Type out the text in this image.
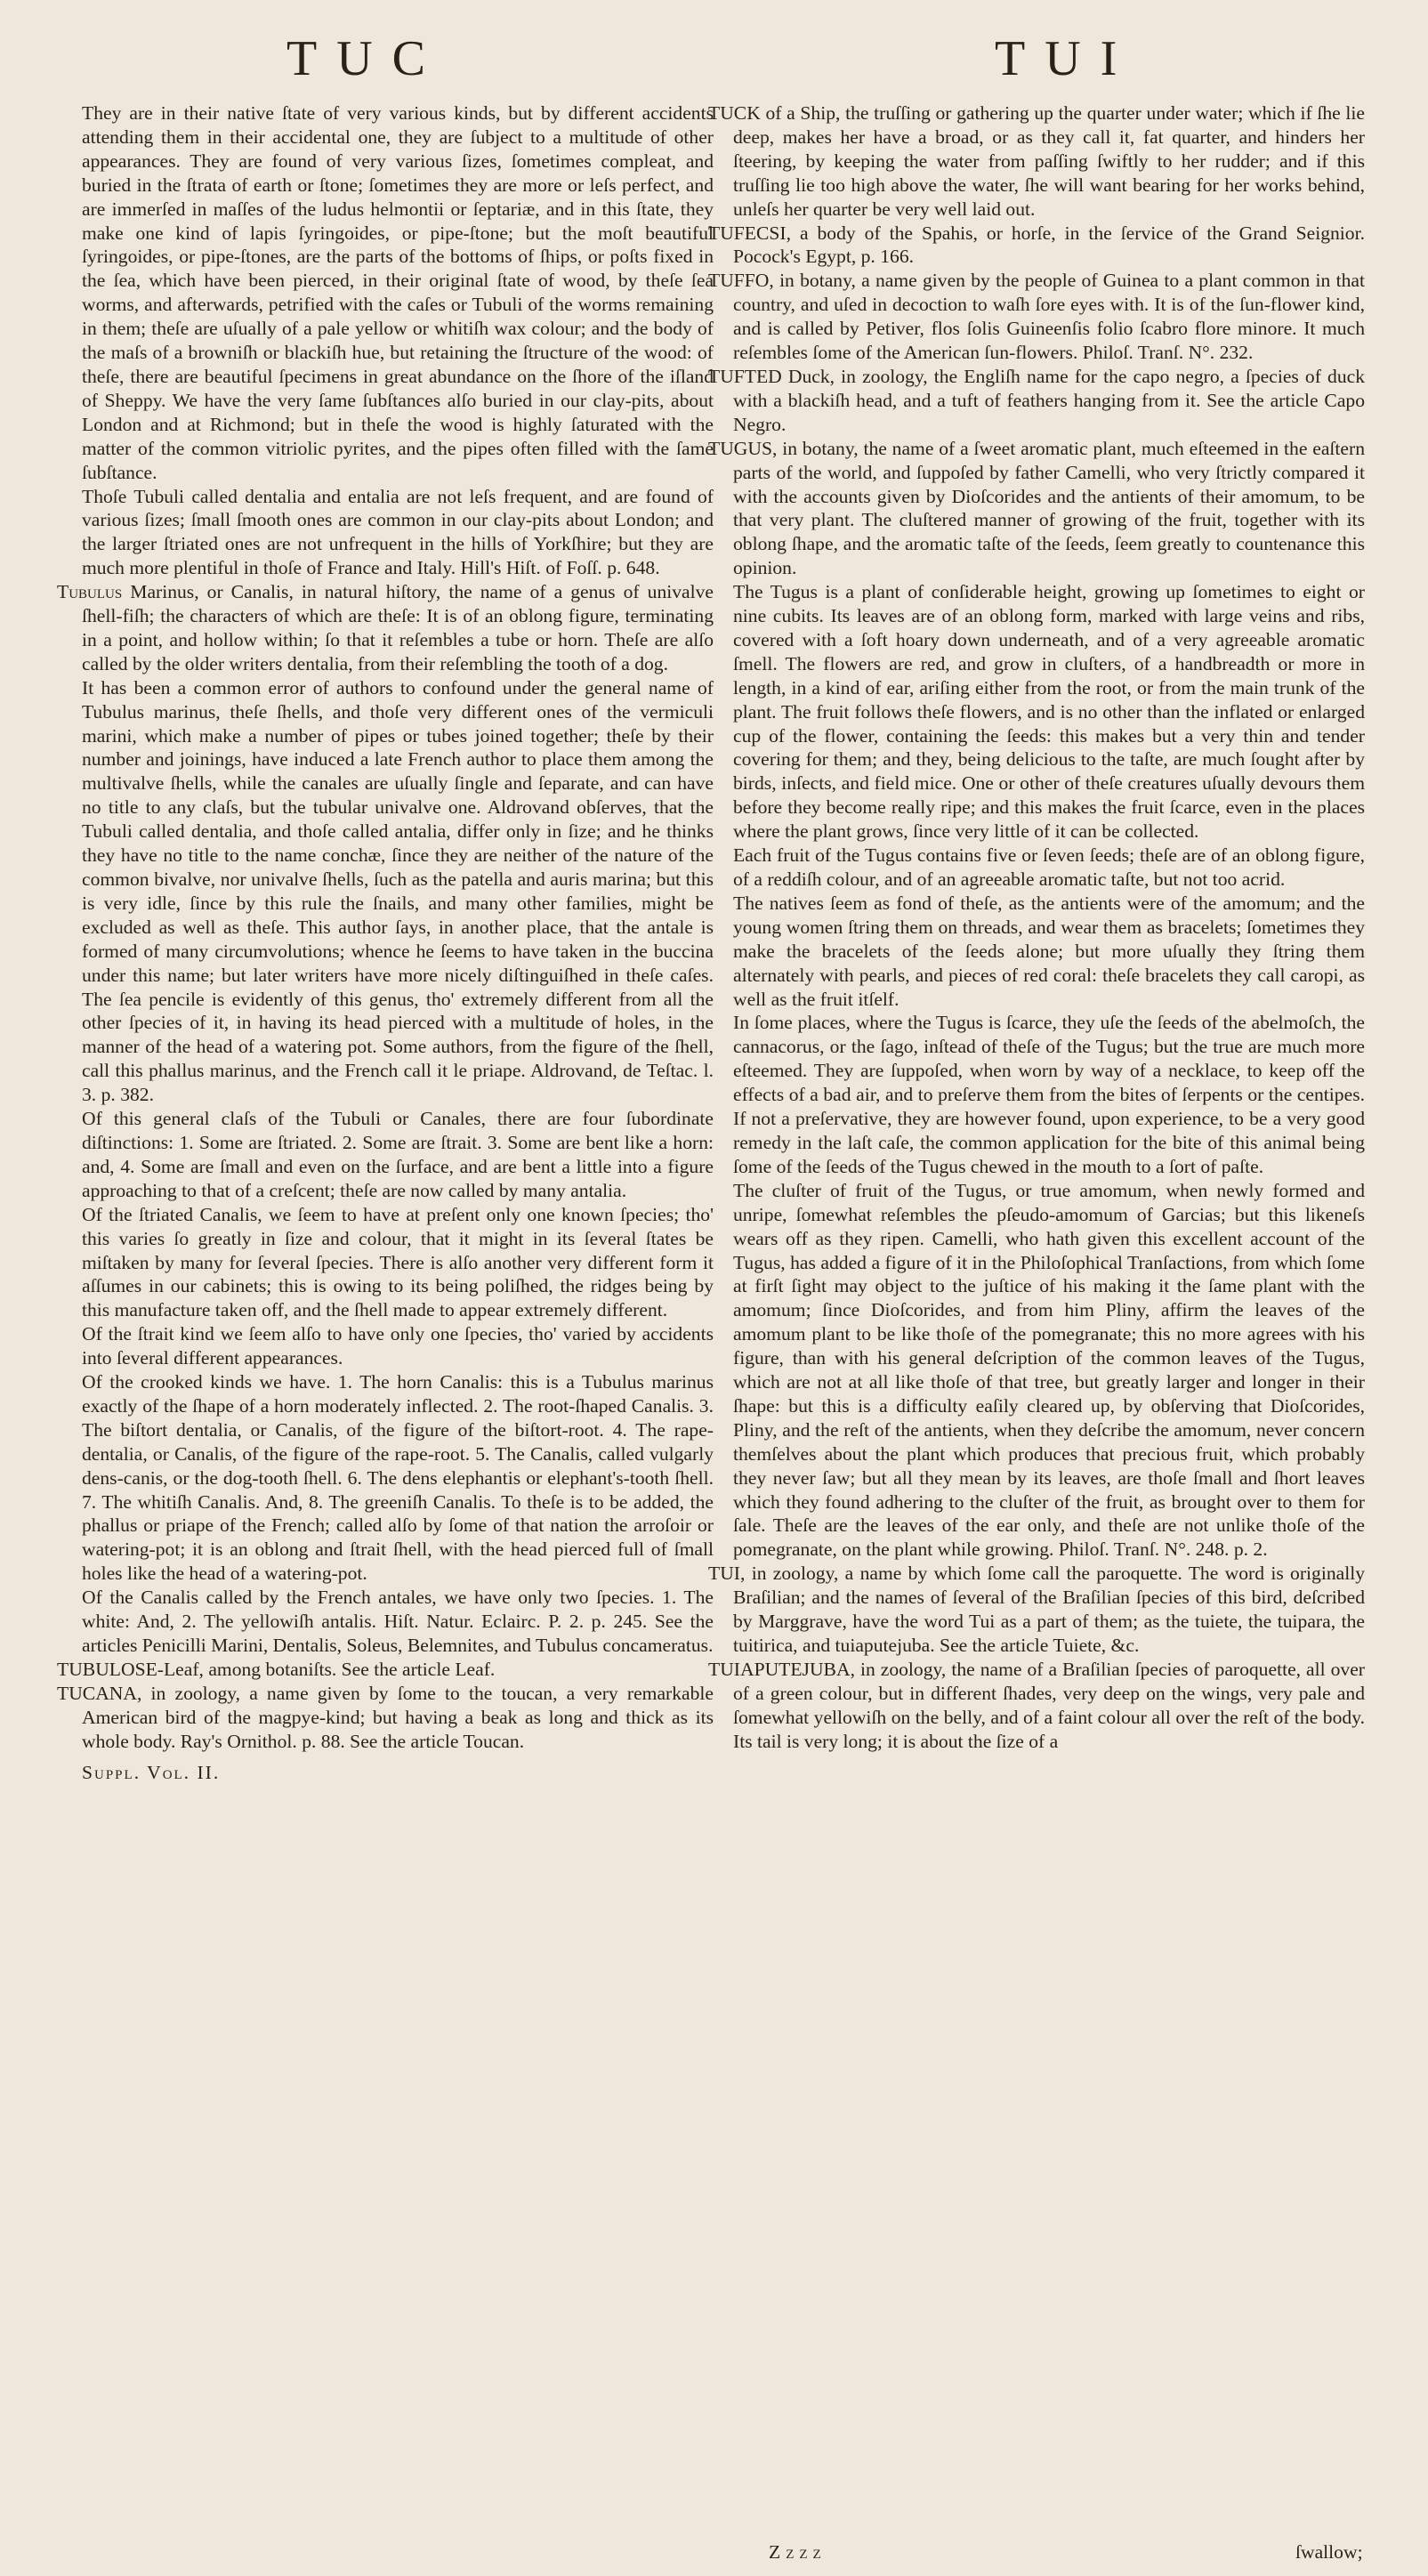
TUC	TUI

They are in their native ſtate of very various kinds, but by different accidents attending them in their accidental one, they are ſubject to a multitude of other appearances. They are found of very various ſizes, ſometimes compleat, and buried in the ſtrata of earth or ſtone; ſometimes they are more or leſs perfect, and are immerſed in maſſes of the ludus helmontii or ſeptariæ, and in this ſtate, they make one kind of lapis ſyringoides, or pipe-ſtone; but the moſt beautiful ſyringoides, or pipe-ſtones, are the parts of the bottoms of ſhips, or poſts fixed in the ſea, which have been pierced, in their original ſtate of wood, by theſe ſea worms, and afterwards, petrified with the caſes or Tubuli of the worms remaining in them; theſe are uſually of a pale yellow or whitiſh wax colour; and the body of the maſs of a browniſh or blackiſh hue, but retaining the ſtructure of the wood: of theſe, there are beautiful ſpecimens in great abundance on the ſhore of the iſland of Sheppy. We have the very ſame ſubſtances alſo buried in our clay-pits, about London and at Richmond; but in theſe the wood is highly ſaturated with the matter of the common vitriolic pyrites, and the pipes often filled with the ſame ſubſtance.

Thoſe Tubuli called dentalia and entalia are not leſs frequent, and are found of various ſizes; ſmall ſmooth ones are common in our clay-pits about London; and the larger ſtriated ones are not unfrequent in the hills of Yorkſhire; but they are much more plentiful in thoſe of France and Italy. Hill's Hiſt. of Foſſ. p. 648.

Tubulus Marinus, or Canalis, in natural hiſtory, the name of a genus of univalve ſhell-fiſh; the characters of which are theſe: It is of an oblong figure, terminating in a point, and hollow within; ſo that it reſembles a tube or horn. Theſe are alſo called by the older writers dentalia, from their reſembling the tooth of a dog.

It has been a common error of authors to confound under the general name of Tubulus marinus, theſe ſhells, and thoſe very different ones of the vermiculi marini, which make a number of pipes or tubes joined together; theſe by their number and joinings, have induced a late French author to place them among the multivalve ſhells, while the canales are uſually ſingle and ſeparate, and can have no title to any claſs, but the tubular univalve one. Aldrovand obſerves, that the Tubuli called dentalia, and thoſe called antalia, differ only in ſize; and he thinks they have no title to the name conchæ, ſince they are neither of the nature of the common bivalve, nor univalve ſhells, ſuch as the patella and auris marina; but this is very idle, ſince by this rule the ſnails, and many other families, might be excluded as well as theſe. This author ſays, in another place, that the antale is formed of many circumvolutions; whence he ſeems to have taken in the buccina under this name; but later writers have more nicely diſtinguiſhed in theſe caſes. The ſea pencile is evidently of this genus, tho' extremely different from all the other ſpecies of it, in having its head pierced with a multitude of holes, in the manner of the head of a watering pot. Some authors, from the figure of the ſhell, call this phallus marinus, and the French call it le priape. Aldrovand, de Teſtac. l. 3. p. 382.

Of this general claſs of the Tubuli or Canales, there are four ſubordinate diſtinctions: 1. Some are ſtriated. 2. Some are ſtrait. 3. Some are bent like a horn: and, 4. Some are ſmall and even on the ſurface, and are bent a little into a figure approaching to that of a creſcent; theſe are now called by many antalia.

Of the ſtriated Canalis, we ſeem to have at preſent only one known ſpecies; tho' this varies ſo greatly in ſize and colour, that it might in its ſeveral ſtates be miſtaken by many for ſeveral ſpecies. There is alſo another very different form it aſſumes in our cabinets; this is owing to its being poliſhed, the ridges being by this manufacture taken off, and the ſhell made to appear extremely different.

Of the ſtrait kind we ſeem alſo to have only one ſpecies, tho' varied by accidents into ſeveral different appearances.

Of the crooked kinds we have. 1. The horn Canalis: this is a Tubulus marinus exactly of the ſhape of a horn moderately inflected. 2. The root-ſhaped Canalis. 3. The biſtort dentalia, or Canalis, of the figure of the biſtort-root. 4. The rape-dentalia, or Canalis, of the figure of the rape-root. 5. The Canalis, called vulgarly dens-canis, or the dog-tooth ſhell. 6. The dens elephantis or elephant's-tooth ſhell. 7. The whitiſh Canalis. And, 8. The greeniſh Canalis. To theſe is to be added, the phallus or priape of the French; called alſo by ſome of that nation the arroſoir or watering-pot; it is an oblong and ſtrait ſhell, with the head pierced full of ſmall holes like the head of a watering-pot.

Of the Canalis called by the French antales, we have only two ſpecies. 1. The white: And, 2. The yellowiſh antalis. Hiſt. Natur. Eclairc. P. 2. p. 245. See the articles Penicilli Marini, Dentalis, Soleus, Belemnites, and Tubulus concameratus.

TUBULOSE-Leaf, among botaniſts. See the article Leaf.

TUCANA, in zoology, a name given by ſome to the toucan, a very remarkable American bird of the magpye-kind; but having a beak as long and thick as its whole body. Ray's Ornithol. p. 88. See the article Toucan.

Suppl. Vol. II.

TUCK of a Ship, the truſſing or gathering up the quarter under water; which if ſhe lie deep, makes her have a broad, or as they call it, fat quarter, and hinders her ſteering, by keeping the water from paſſing ſwiftly to her rudder; and if this truſſing lie too high above the water, ſhe will want bearing for her works behind, unleſs her quarter be very well laid out.

TUFECSI, a body of the Spahis, or horſe, in the ſervice of the Grand Seignior. Pocock's Egypt, p. 166.

TUFFO, in botany, a name given by the people of Guinea to a plant common in that country, and uſed in decoction to waſh ſore eyes with. It is of the ſun-flower kind, and is called by Petiver, flos ſolis Guineenſis folio ſcabro flore minore. It much reſembles ſome of the American ſun-flowers. Philoſ. Tranſ. N°. 232.

TUFTED Duck, in zoology, the Engliſh name for the capo negro, a ſpecies of duck with a blackiſh head, and a tuft of feathers hanging from it. See the article Capo Negro.

TUGUS, in botany, the name of a ſweet aromatic plant, much eſteemed in the eaſtern parts of the world, and ſuppoſed by father Camelli, who very ſtrictly compared it with the accounts given by Dioſcorides and the antients of their amomum, to be that very plant. The cluſtered manner of growing of the fruit, together with its oblong ſhape, and the aromatic taſte of the ſeeds, ſeem greatly to countenance this opinion.

The Tugus is a plant of conſiderable height, growing up ſometimes to eight or nine cubits. Its leaves are of an oblong form, marked with large veins and ribs, covered with a ſoft hoary down underneath, and of a very agreeable aromatic ſmell. The flowers are red, and grow in cluſters, of a handbreadth or more in length, in a kind of ear, ariſing either from the root, or from the main trunk of the plant. The fruit follows theſe flowers, and is no other than the inflated or enlarged cup of the flower, containing the ſeeds: this makes but a very thin and tender covering for them; and they, being delicious to the taſte, are much ſought after by birds, inſects, and field mice. One or other of theſe creatures uſually devours them before they become really ripe; and this makes the fruit ſcarce, even in the places where the plant grows, ſince very little of it can be collected.

Each fruit of the Tugus contains five or ſeven ſeeds; theſe are of an oblong figure, of a reddiſh colour, and of an agreeable aromatic taſte, but not too acrid.

The natives ſeem as fond of theſe, as the antients were of the amomum; and the young women ſtring them on threads, and wear them as bracelets; ſometimes they make the bracelets of the ſeeds alone; but more uſually they ſtring them alternately with pearls, and pieces of red coral: theſe bracelets they call caropi, as well as the fruit itſelf.

In ſome places, where the Tugus is ſcarce, they uſe the ſeeds of the abelmoſch, the cannacorus, or the ſago, inſtead of theſe of the Tugus; but the true are much more eſteemed. They are ſuppoſed, when worn by way of a necklace, to keep off the effects of a bad air, and to preſerve them from the bites of ſerpents or the centipes. If not a preſervative, they are however found, upon experience, to be a very good remedy in the laſt caſe, the common application for the bite of this animal being ſome of the ſeeds of the Tugus chewed in the mouth to a ſort of paſte.

The cluſter of fruit of the Tugus, or true amomum, when newly formed and unripe, ſomewhat reſembles the pſeudo-amomum of Garcias; but this likeneſs wears off as they ripen. Camelli, who hath given this excellent account of the Tugus, has added a figure of it in the Philoſophical Tranſactions, from which ſome at firſt ſight may object to the juſtice of his making it the ſame plant with the amomum; ſince Dioſcorides, and from him Pliny, affirm the leaves of the amomum plant to be like thoſe of the pomegranate; this no more agrees with his figure, than with his general deſcription of the common leaves of the Tugus, which are not at all like thoſe of that tree, but greatly larger and longer in their ſhape: but this is a difficulty eaſily cleared up, by obſerving that Dioſcorides, Pliny, and the reſt of the antients, when they deſcribe the amomum, never concern themſelves about the plant which produces that precious fruit, which probably they never ſaw; but all they mean by its leaves, are thoſe ſmall and ſhort leaves which they found adhering to the cluſter of the fruit, as brought over to them for ſale. Theſe are the leaves of the ear only, and theſe are not unlike thoſe of the pomegranate, on the plant while growing. Philoſ. Tranſ. N°. 248. p. 2.

TUI, in zoology, a name by which ſome call the paroquette. The word is originally Braſilian; and the names of ſeveral of the Braſilian ſpecies of this bird, deſcribed by Marggrave, have the word Tui as a part of them; as the tuiete, the tuipara, the tuitirica, and tuiaputejuba. See the article Tuiete, &c.

TUIAPUTEJUBA, in zoology, the name of a Braſilian ſpecies of paroquette, all over of a green colour, but in different ſhades, very deep on the wings, very pale and ſomewhat yellowiſh on the belly, and of a faint colour all over the reſt of the body. Its tail is very long; it is about the ſize of a

Zzzz	ſwallow;
